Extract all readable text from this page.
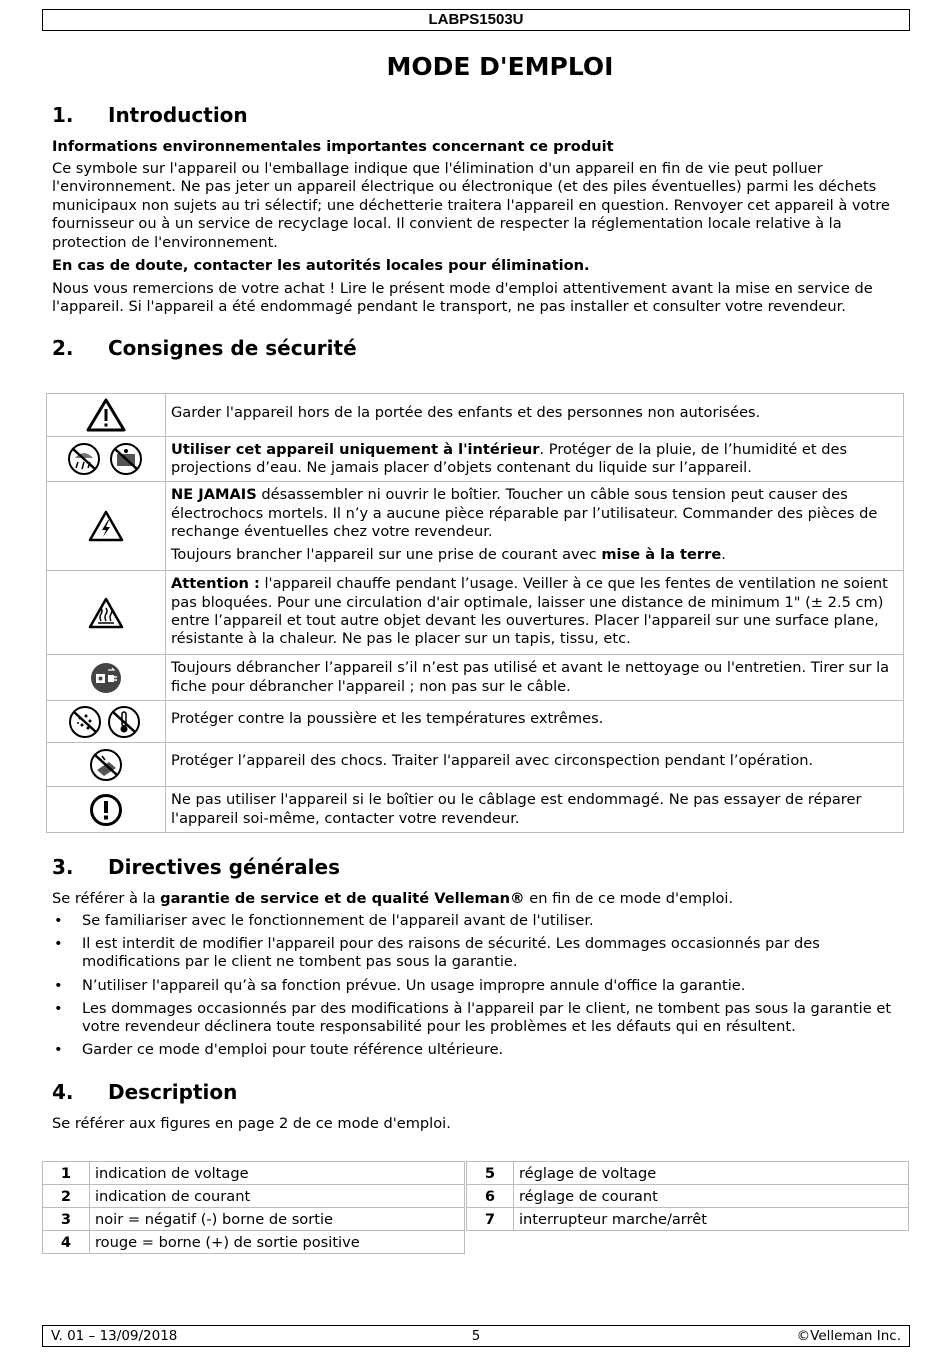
LABPS1503U
MODE D'EMPLOI
1. Introduction
Informations environnementales importantes concernant ce produit
Ce symbole sur l'appareil ou l'emballage indique que l'élimination d'un appareil en fin de vie peut polluer l'environnement. Ne pas jeter un appareil électrique ou électronique (et des piles éventuelles) parmi les déchets municipaux non sujets au tri sélectif; une déchetterie traitera l'appareil en question. Renvoyer cet appareil à votre fournisseur ou à un service de recyclage local. Il convient de respecter la réglementation locale relative à la protection de l'environnement.
En cas de doute, contacter les autorités locales pour élimination.
Nous vous remercions de votre achat ! Lire le présent mode d'emploi attentivement avant la mise en service de l'appareil. Si l'appareil a été endommagé pendant le transport, ne pas installer et consulter votre revendeur.
2. Consignes de sécurité

Garder l'appareil hors de la portée des enfants et des personnes non autorisées.

Utiliser cet appareil uniquement à l'intérieur. Protéger de la pluie, de l’humidité et des projections d’eau. Ne jamais placer d’objets contenant du liquide sur l’appareil.

NE JAMAIS désassembler ni ouvrir le boîtier. Toucher un câble sous tension peut causer des électrochocs mortels. Il n’y a aucune pièce réparable par l’utilisateur. Commander des pièces de rechange éventuelles chez votre revendeur.

Toujours brancher l'appareil sur une prise de courant avec mise à la terre.

Attention : l'appareil chauffe pendant l’usage. Veiller à ce que les fentes de ventilation ne soient pas bloquées. Pour une circulation d'air optimale, laisser une distance de minimum 1" (± 2.5 cm) entre l’appareil et tout autre objet devant les ouvertures. Placer l'appareil sur une surface plane, résistante à la chaleur. Ne pas le placer sur un tapis, tissu, etc.

Toujours débrancher l’appareil s’il n’est pas utilisé et avant le nettoyage ou l'entretien. Tirer sur la fiche pour débrancher l'appareil ; non pas sur le câble.

Protéger contre la poussière et les températures extrêmes.

Protéger l’appareil des chocs. Traiter l'appareil avec circonspection pendant l’opération.

Ne pas utiliser l'appareil si le boîtier ou le câblage est endommagé. Ne pas essayer de réparer l'appareil soi-même, contacter votre revendeur.

3. Directives générales
Se référer à la garantie de service et de qualité Velleman® en fin de ce mode d'emploi.
• Se familiariser avec le fonctionnement de l'appareil avant de l'utiliser.
• Il est interdit de modifier l'appareil pour des raisons de sécurité. Les dommages occasionnés par des modifications par le client ne tombent pas sous la garantie.
• N’utiliser l'appareil qu’à sa fonction prévue. Un usage impropre annule d'office la garantie.
• Les dommages occasionnés par des modifications à l'appareil par le client, ne tombent pas sous la garantie et votre revendeur déclinera toute responsabilité pour les problèmes et les défauts qui en résultent.
• Garder ce mode d'emploi pour toute référence ultérieure.
4. Description
Se référer aux figures en page 2 de ce mode d'emploi.
1	indication de voltage
2	indication de courant
3	noir = négatif (-) borne de sortie
4	rouge = borne (+) de sortie positive
5	réglage de voltage
6	réglage de courant
7	interrupteur marche/arrêt
V. 01 – 13/09/2018	5	©Velleman Inc.
